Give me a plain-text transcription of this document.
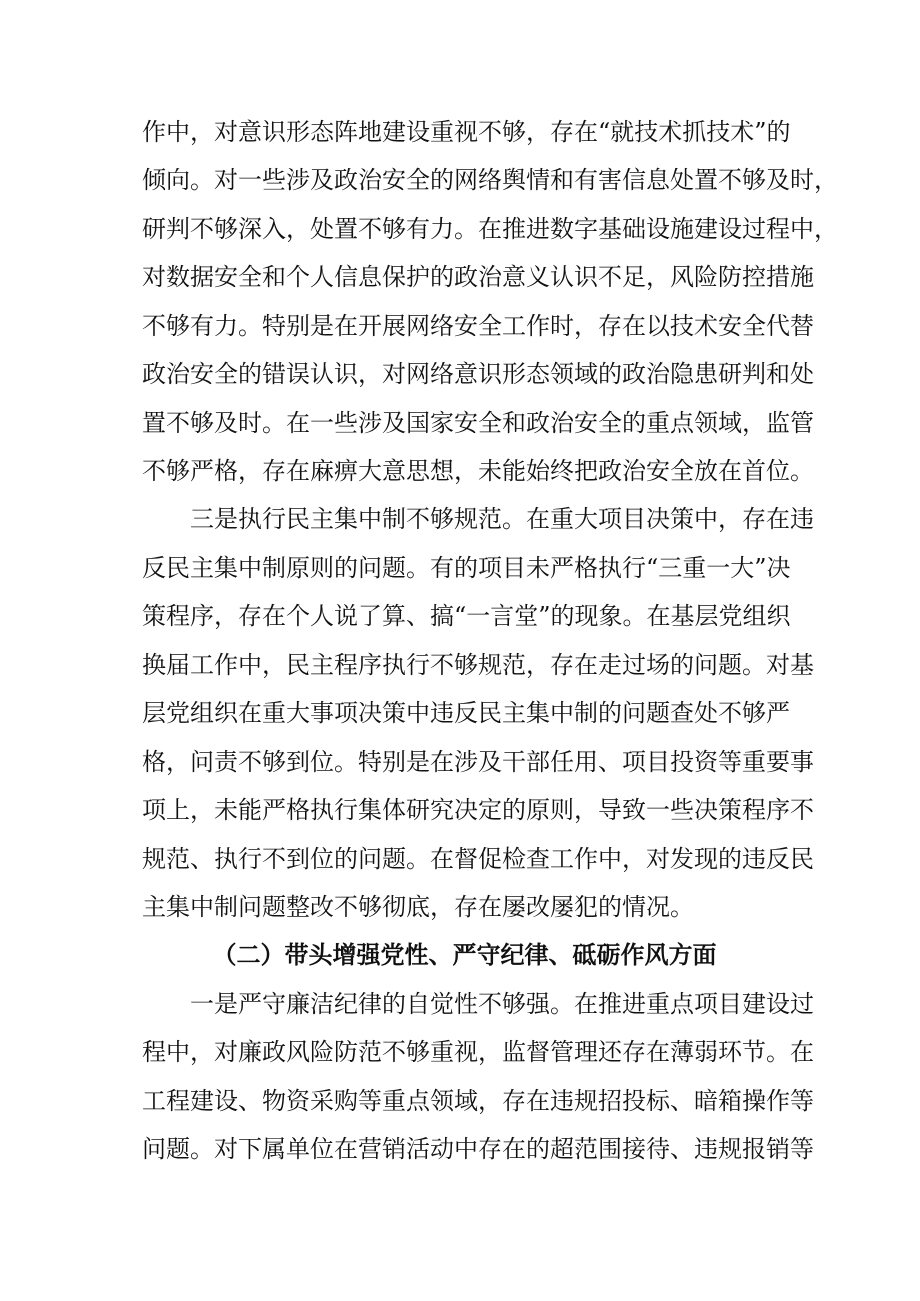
作中，对意识形态阵地建设重视不够，存在“就技术抓技术”的
倾向。对一些涉及政治安全的网络舆情和有害信息处置不够及时，
研判不够深入，处置不够有力。在推进数字基础设施建设过程中，
对数据安全和个人信息保护的政治意义认识不足，风险防控措施
不够有力。特别是在开展网络安全工作时，存在以技术安全代替
政治安全的错误认识，对网络意识形态领域的政治隐患研判和处
置不够及时。在一些涉及国家安全和政治安全的重点领域，监管
不够严格，存在麻痹大意思想，未能始终把政治安全放在首位。
三是执行民主集中制不够规范。在重大项目决策中，存在违
反民主集中制原则的问题。有的项目未严格执行“三重一大”决
策程序，存在个人说了算、搞“一言堂”的现象。在基层党组织
换届工作中，民主程序执行不够规范，存在走过场的问题。对基
层党组织在重大事项决策中违反民主集中制的问题查处不够严
格，问责不够到位。特别是在涉及干部任用、项目投资等重要事
项上，未能严格执行集体研究决定的原则，导致一些决策程序不
规范、执行不到位的问题。在督促检查工作中，对发现的违反民
主集中制问题整改不够彻底，存在屡改屡犯的情况。
（二）带头增强党性、严守纪律、砥砺作风方面
一是严守廉洁纪律的自觉性不够强。在推进重点项目建设过
程中，对廉政风险防范不够重视，监督管理还存在薄弱环节。在
工程建设、物资采购等重点领域，存在违规招投标、暗箱操作等
问题。对下属单位在营销活动中存在的超范围接待、违规报销等
